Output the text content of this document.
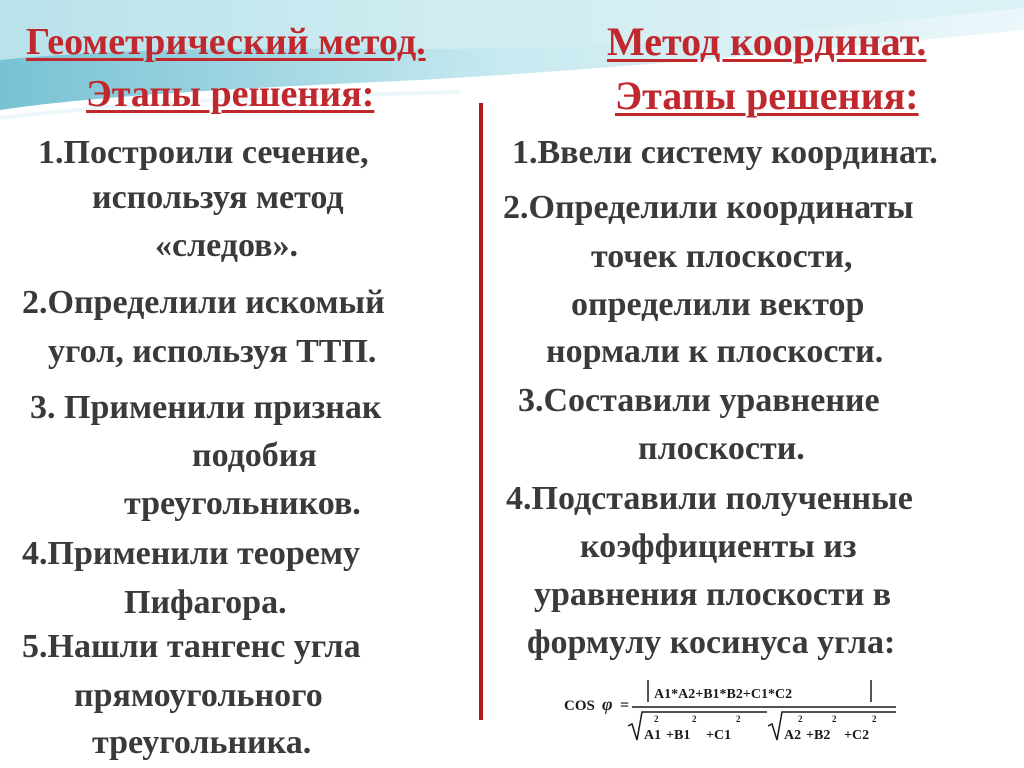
Геометрический метод.
Этапы решения:
Метод координат.
Этапы решения:

1.Построили сечение,

используя метод

«следов».

2.Определили искомый

угол, используя ТТП.

3. Применили признак

подобия

треугольников.

4.Применили теорему

Пифагора.

5.Нашли тангенс угла

прямоугольного

треугольника.

1.Ввели систему координат.

2.Определили координаты

точек плоскости,

определили вектор

нормали к плоскости.

3.Составили уравнение

плоскости.

4.Подставили полученные

коэффициенты из

уравнения плоскости в

формулу косинуса угла:

COS φ =
A1*A2+B1*B2+C1*C2
A1
2
+B1
2
+C1
2
A2
2
+B2
2
+C2
2
